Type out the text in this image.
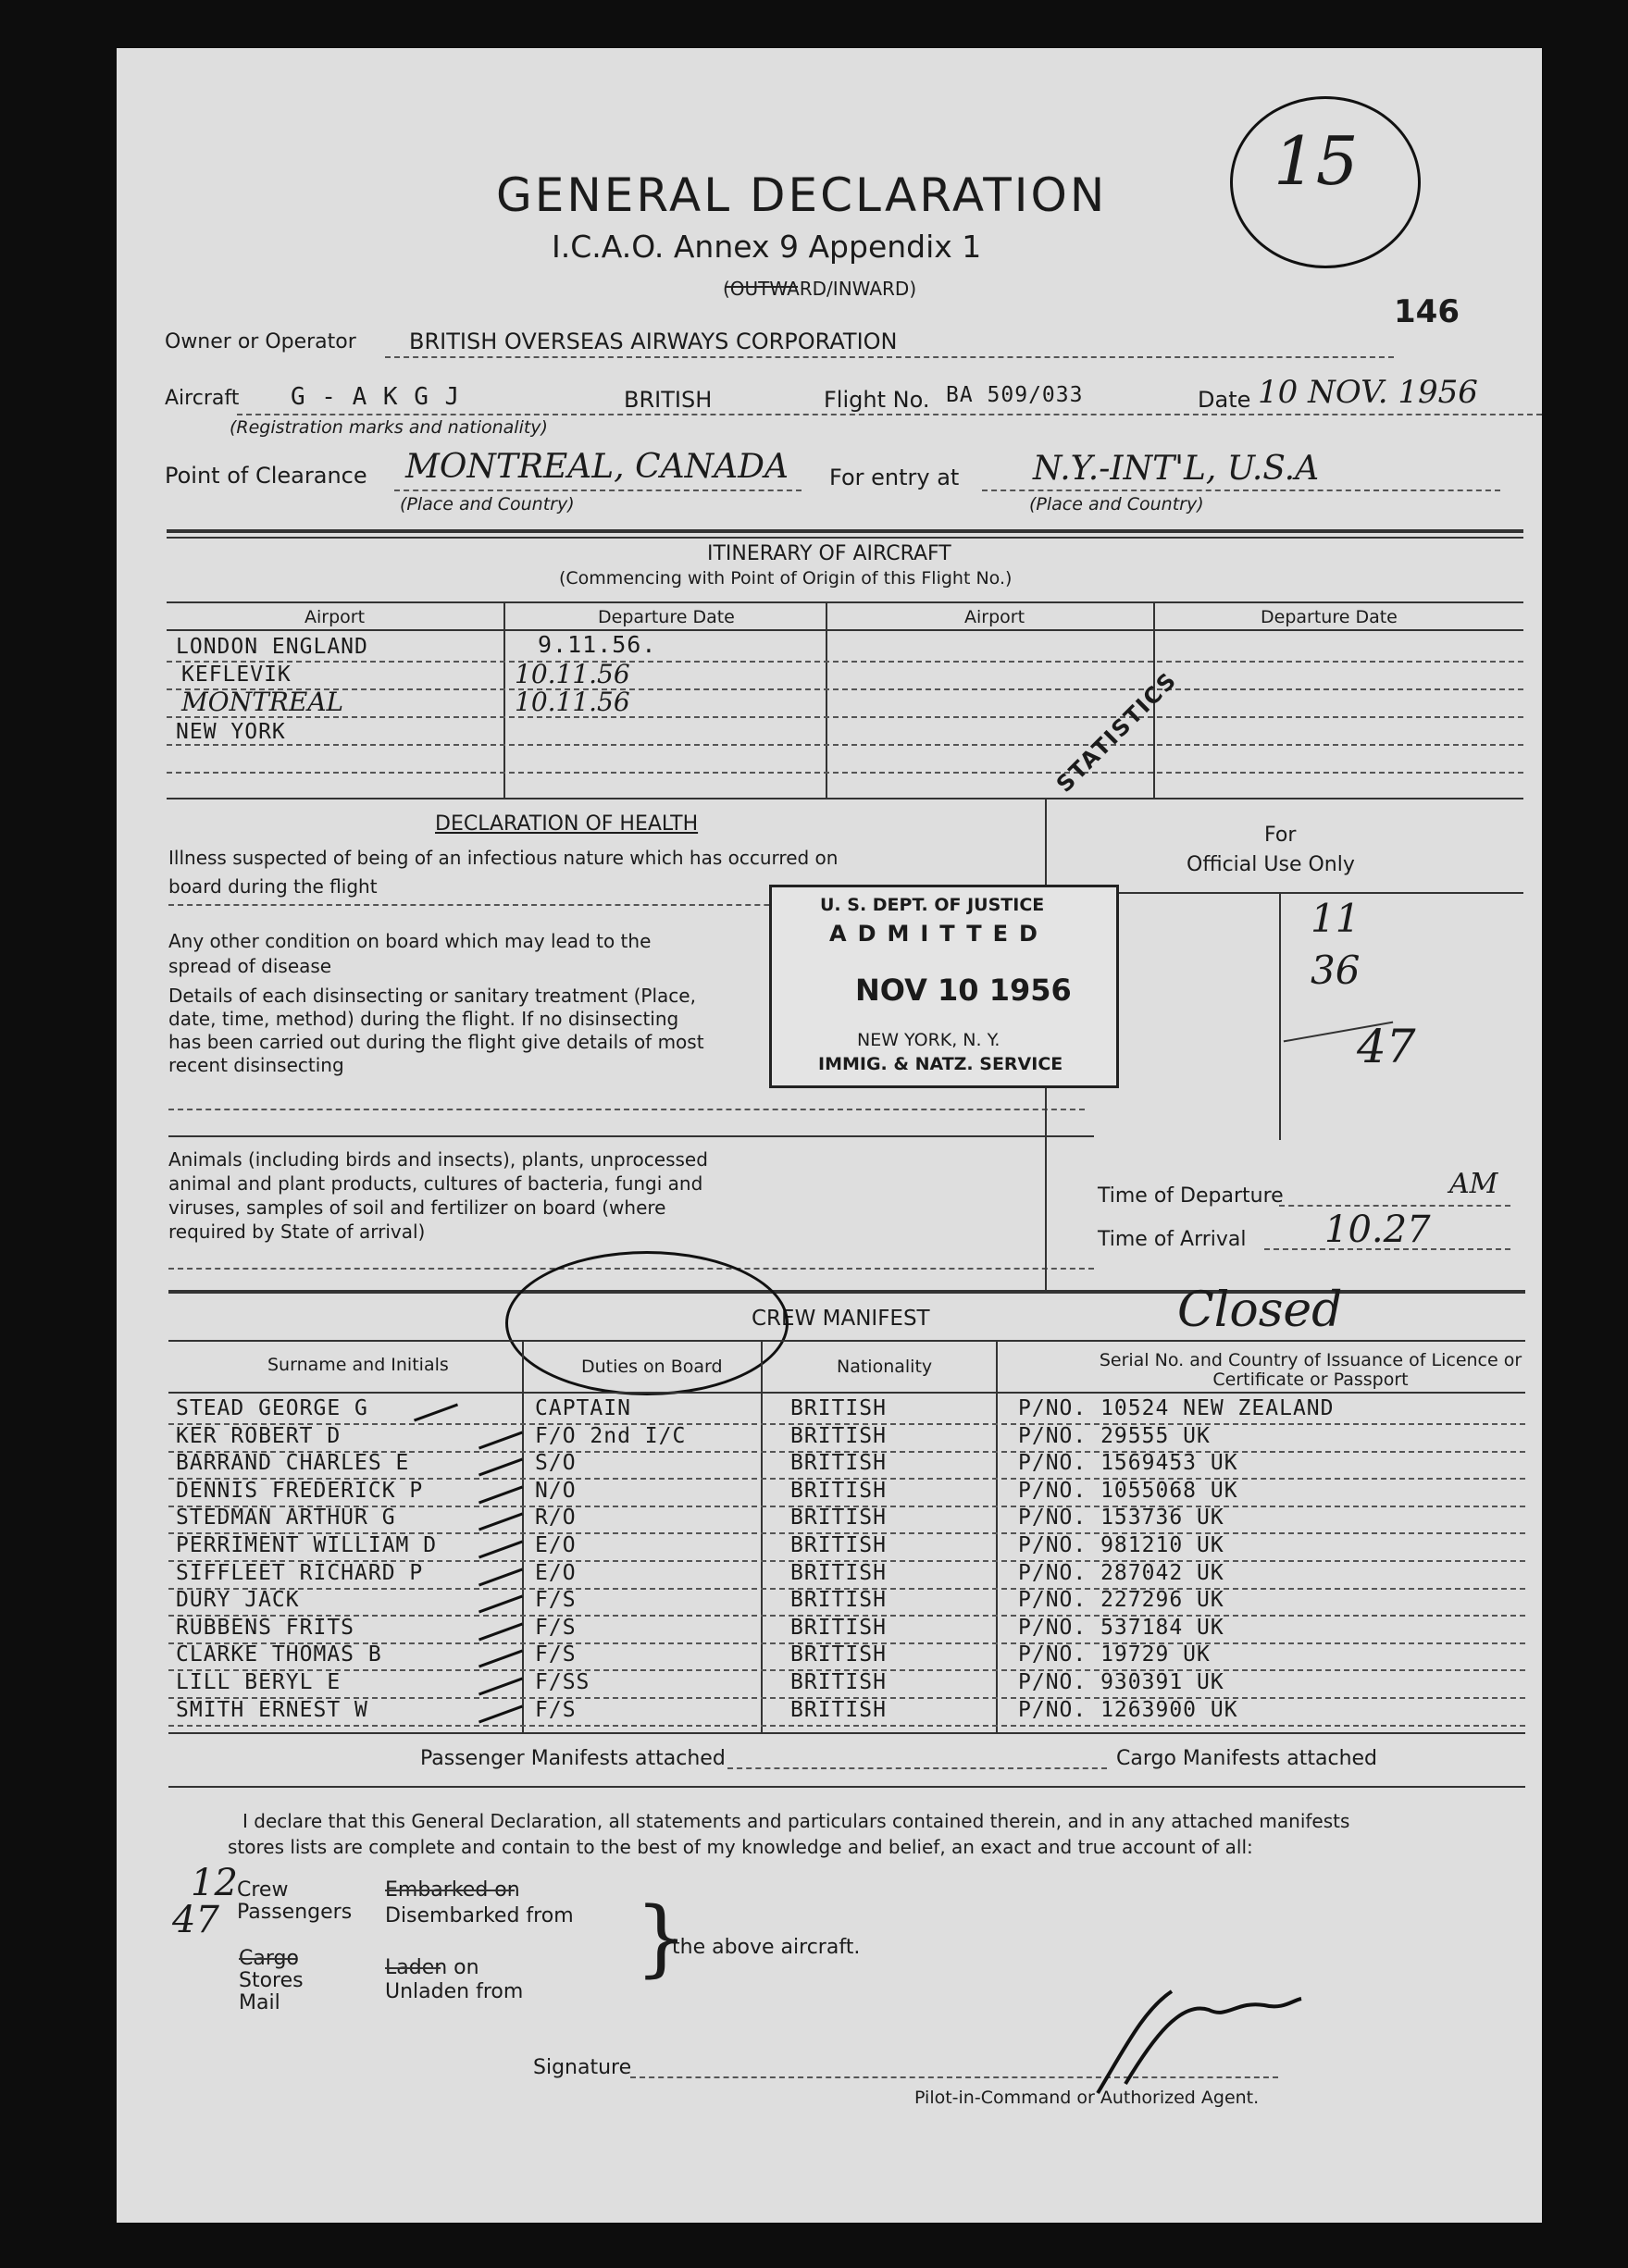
GENERAL DECLARATION
I.C.A.O. Annex 9 Appendix 1
(OUTWARD/INWARD)
15
146
Owner or Operator BRITISH OVERSEAS AIRWAYS CORPORATION
Aircraft G - A K G J	BRITISH	Flight No. BA 509/033	Date 10 NOV. 1956
(Registration marks and nationality)
Point of Clearance MONTREAL, CANADA
(Place and Country)
For entry at N.Y.-INT'L, U.S.A
(Place and Country)
ITINERARY OF AIRCRAFT
(Commencing with Point of Origin of this Flight No.)
Airport	Departure Date	Airport	Departure Date
LONDON ENGLAND	9.11.56.
KEFLEVIK	10.11.56
MONTREAL	10.11.56
NEW YORK	STATISTICS
DECLARATION OF HEALTH
Illness suspected of being of an infectious nature which has occurred on board during the flight
Any other condition on board which may lead to the spread of disease
Details of each disinsecting or sanitary treatment (Place, date, time, method) during the flight. If no disinsecting has been carried out during the flight give details of most recent disinsecting
Animals (including birds and insects), plants, unprocessed animal and plant products, cultures of bacteria, fungi and viruses, samples of soil and fertilizer on board (where required by State of arrival)
For
Official Use Only
11
36
47
U. S. DEPT. OF JUSTICE
ADMITTED
NOV 10 1956
NEW YORK, N. Y.
IMMIG. & NATZ. SERVICE
Time of Departure	AM
Time of Arrival 10.27
Closed
CREW MANIFEST
Surname and Initials	Duties on Board	Nationality	Serial No. and Country of Issuance of Licence or Certificate or Passport
STEAD GEORGE G	CAPTAIN	BRITISH	P/NO. 10524 NEW ZEALAND
KER ROBERT D	F/O 2nd I/C	BRITISH	P/NO. 29555 UK
BARRAND CHARLES E	S/O	BRITISH	P/NO. 1569453 UK
DENNIS FREDERICK P	N/O	BRITISH	P/NO. 1055068 UK
STEDMAN ARTHUR G	R/O	BRITISH	P/NO. 153736 UK
PERRIMENT WILLIAM D	E/O	BRITISH	P/NO. 981210 UK
SIFFLEET RICHARD P	E/O	BRITISH	P/NO. 287042 UK
DURY JACK	F/S	BRITISH	P/NO. 227296 UK
RUBBENS FRITS	F/S	BRITISH	P/NO. 537184 UK
CLARKE THOMAS B	F/S	BRITISH	P/NO. 19729 UK
LILL BERYL E	F/SS	BRITISH	P/NO. 930391 UK
SMITH ERNEST W	F/S	BRITISH	P/NO. 1263900 UK
Passenger Manifests attached	Cargo Manifests attached
I declare that this General Declaration, all statements and particulars contained therein, and in any attached manifests
stores lists are complete and contain to the best of my knowledge and belief, an exact and true account of all:
12
47
Crew
Passengers
Cargo
Stores
Mail
Embarked on
Disembarked from
Laden on
Unladen from
}
the above aircraft.
Signature
Pilot-in-Command or Authorized Agent.
